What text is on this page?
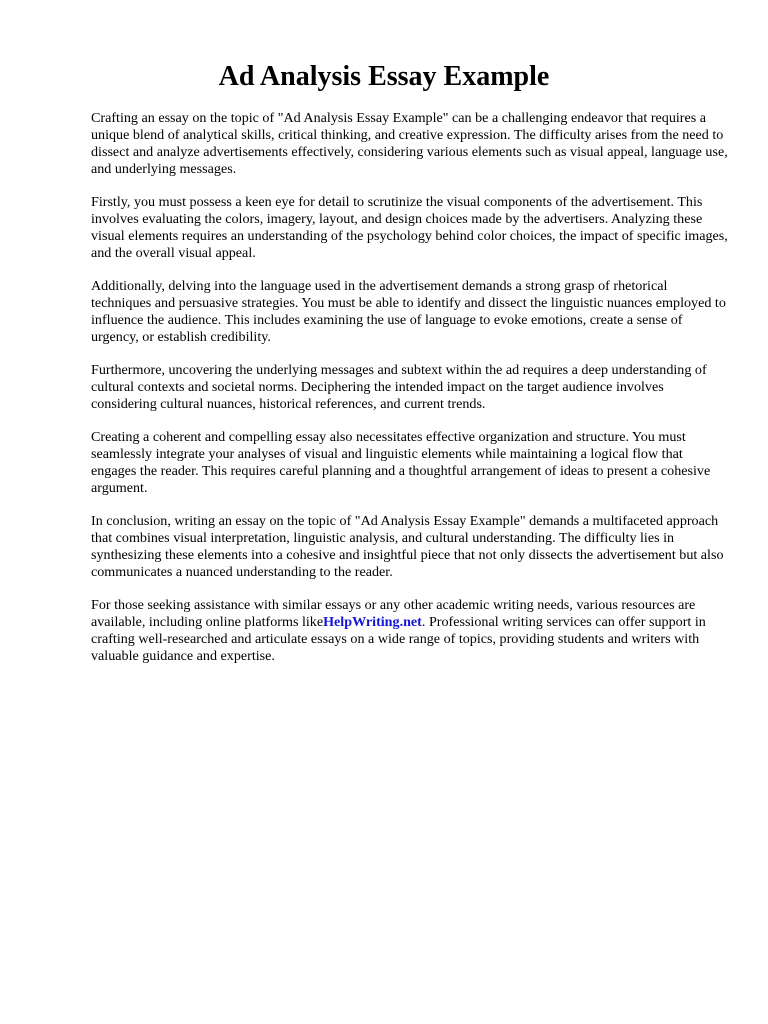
Ad Analysis Essay Example

Crafting an essay on the topic of "Ad Analysis Essay Example" can be a challenging endeavor that requires a unique blend of analytical skills, critical thinking, and creative expression. The difficulty arises from the need to dissect and analyze advertisements effectively, considering various elements such as visual appeal, language use, and underlying messages.

Firstly, you must possess a keen eye for detail to scrutinize the visual components of the advertisement. This involves evaluating the colors, imagery, layout, and design choices made by the advertisers. Analyzing these visual elements requires an understanding of the psychology behind color choices, the impact of specific images, and the overall visual appeal.

Additionally, delving into the language used in the advertisement demands a strong grasp of rhetorical techniques and persuasive strategies. You must be able to identify and dissect the linguistic nuances employed to influence the audience. This includes examining the use of language to evoke emotions, create a sense of urgency, or establish credibility.

Furthermore, uncovering the underlying messages and subtext within the ad requires a deep understanding of cultural contexts and societal norms. Deciphering the intended impact on the target audience involves considering cultural nuances, historical references, and current trends.

Creating a coherent and compelling essay also necessitates effective organization and structure. You must seamlessly integrate your analyses of visual and linguistic elements while maintaining a logical flow that engages the reader. This requires careful planning and a thoughtful arrangement of ideas to present a cohesive argument.

In conclusion, writing an essay on the topic of "Ad Analysis Essay Example" demands a multifaceted approach that combines visual interpretation, linguistic analysis, and cultural understanding. The difficulty lies in synthesizing these elements into a cohesive and insightful piece that not only dissects the advertisement but also communicates a nuanced understanding to the reader.

For those seeking assistance with similar essays or any other academic writing needs, various resources are available, including online platforms likeHelpWriting.net. Professional writing services can offer support in crafting well-researched and articulate essays on a wide range of topics, providing students and writers with valuable guidance and expertise.
